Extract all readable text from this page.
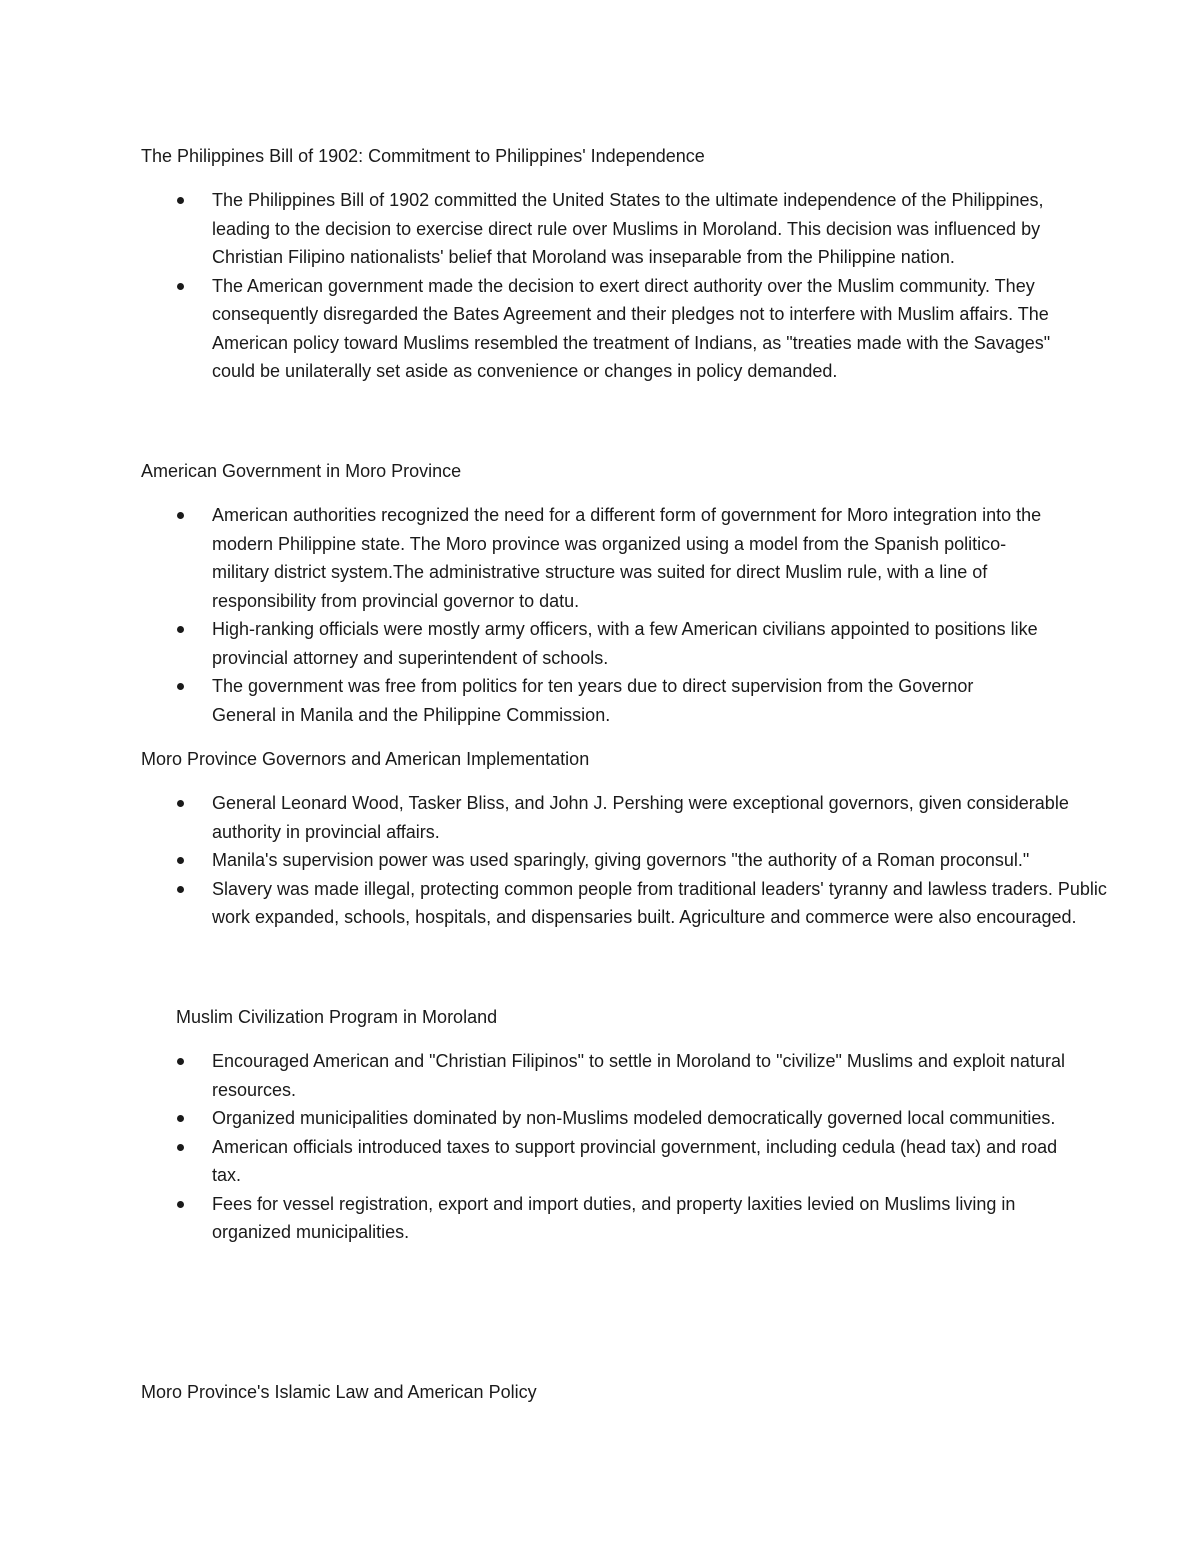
The Philippines Bill of 1902: Commitment to Philippines' Independence

The Philippines Bill of 1902 committed the United States to the ultimate independence of the Philippines, leading to the decision to exercise direct rule over Muslims in Moroland. This decision was influenced by Christian Filipino nationalists' belief that Moroland was inseparable from the Philippine nation.
The American government made the decision to exert direct authority over the Muslim community. They consequently disregarded the Bates Agreement and their pledges not to interfere with Muslim affairs. The American policy toward Muslims resembled the treatment of Indians, as "treaties made with the Savages" could be unilaterally set aside as convenience or changes in policy demanded.

American Government in Moro Province

American authorities recognized the need for a different form of government for Moro integration into the modern Philippine state. The Moro province was organized using a model from the Spanish politico-military district system.The administrative structure was suited for direct Muslim rule, with a line of responsibility from provincial governor to datu.
High-ranking officials were mostly army officers, with a few American civilians appointed to positions like provincial attorney and superintendent of schools.
The government was free from politics for ten years due to direct supervision from the Governor General in Manila and the Philippine Commission.

Moro Province Governors and American Implementation

General Leonard Wood, Tasker Bliss, and John J. Pershing were exceptional governors, given considerable authority in provincial affairs.
Manila's supervision power was used sparingly, giving governors "the authority of a Roman proconsul."
Slavery was made illegal, protecting common people from traditional leaders' tyranny and lawless traders. Public work expanded, schools, hospitals, and dispensaries built. Agriculture and commerce were also encouraged.

Muslim Civilization Program in Moroland

Encouraged American and "Christian Filipinos" to settle in Moroland to "civilize" Muslims and exploit natural resources.
Organized municipalities dominated by non-Muslims modeled democratically governed local communities.
American officials introduced taxes to support provincial government, including cedula (head tax) and road tax.
Fees for vessel registration, export and import duties, and property laxities levied on Muslims living in organized municipalities.

Moro Province's Islamic Law and American Policy
